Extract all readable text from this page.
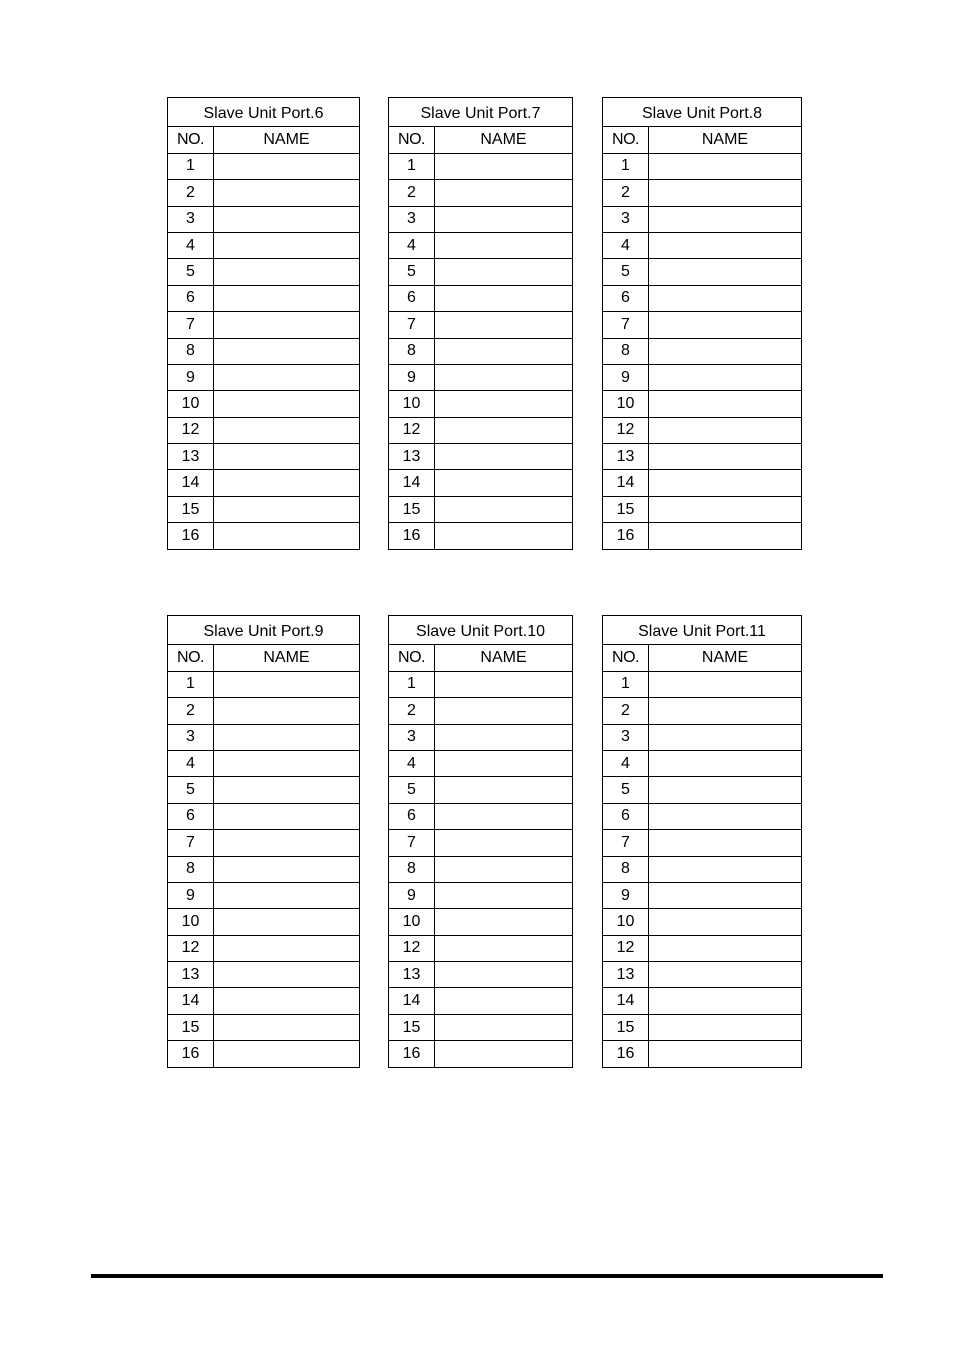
Slave Unit Port.6	
NO.	NAME
1	
2	
3	
4	
5	
6	
7	
8	
9	
10	
12	
13	
14	
15	
16	
Slave Unit Port.7	
NO.	NAME
1	
2	
3	
4	
5	
6	
7	
8	
9	
10	
12	
13	
14	
15	
16	
Slave Unit Port.8	
NO.	NAME
1	
2	
3	
4	
5	
6	
7	
8	
9	
10	
12	
13	
14	
15	
16	
Slave Unit Port.9	
NO.	NAME
1	
2	
3	
4	
5	
6	
7	
8	
9	
10	
12	
13	
14	
15	
16	
Slave Unit Port.10	
NO.	NAME
1	
2	
3	
4	
5	
6	
7	
8	
9	
10	
12	
13	
14	
15	
16	
Slave Unit Port.11	
NO.	NAME
1	
2	
3	
4	
5	
6	
7	
8	
9	
10	
12	
13	
14	
15	
16	
